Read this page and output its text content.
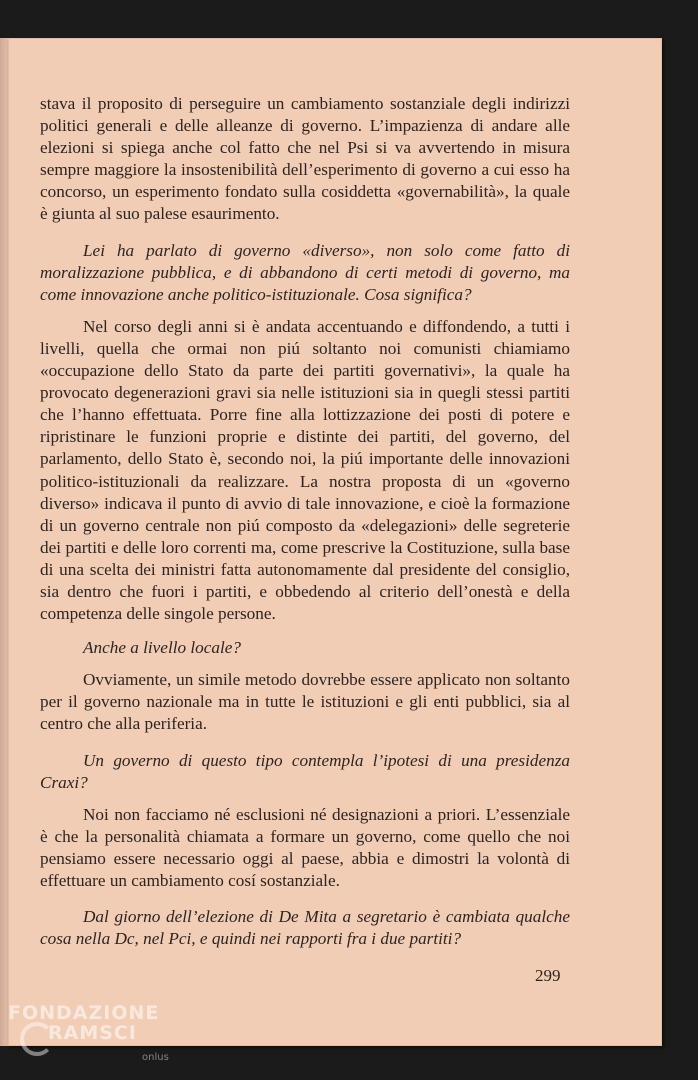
stava il proposito di perseguire un cambiamento sostanziale degli indirizzi politici generali e delle alleanze di governo. L’impazienza di andare alle elezioni si spiega anche col fatto che nel Psi si va avvertendo in misura sempre maggiore la insostenibilità dell’esperimento di governo a cui esso ha concorso, un esperimento fondato sulla cosiddetta «governabilità», la quale è giunta al suo palese esaurimento.

Lei ha parlato di governo «diverso», non solo come fatto di moralizzazione pubblica, e di abbandono di certi metodi di governo, ma come innovazione anche politico-istituzionale. Cosa significa?

Nel corso degli anni si è andata accentuando e diffondendo, a tutti i livelli, quella che ormai non piú soltanto noi comunisti chiamiamo «occupazione dello Stato da parte dei partiti governativi», la quale ha provocato degenerazioni gravi sia nelle istituzioni sia in quegli stessi partiti che l’hanno effettuata. Porre fine alla lottizzazione dei posti di potere e ripristinare le funzioni proprie e distinte dei partiti, del governo, del parlamento, dello Stato è, secondo noi, la piú importante delle innovazioni politico-istituzionali da realizzare. La nostra proposta di un «governo diverso» indicava il punto di avvio di tale innovazione, e cioè la formazione di un governo centrale non piú composto da «delegazioni» delle segreterie dei partiti e delle loro correnti ma, come prescrive la Costituzione, sulla base di una scelta dei ministri fatta autonomamente dal presidente del consiglio, sia dentro che fuori i partiti, e obbedendo al criterio dell’onestà e della competenza delle singole persone.

Anche a livello locale?

Ovviamente, un simile metodo dovrebbe essere applicato non soltanto per il governo nazionale ma in tutte le istituzioni e gli enti pubblici, sia al centro che alla periferia.

Un governo di questo tipo contempla l’ipotesi di una presidenza Craxi?

Noi non facciamo né esclusioni né designazioni a priori. L’essenziale è che la personalità chiamata a formare un governo, come quello che noi pensiamo essere necessario oggi al paese, abbia e dimostri la volontà di effettuare un cambiamento cosí sostanziale.

Dal giorno dell’elezione di De Mita a segretario è cambiata qualche cosa nella Dc, nel Pci, e quindi nei rapporti fra i due partiti?

299
FONDAZIONE
RAMSCI
onlus
